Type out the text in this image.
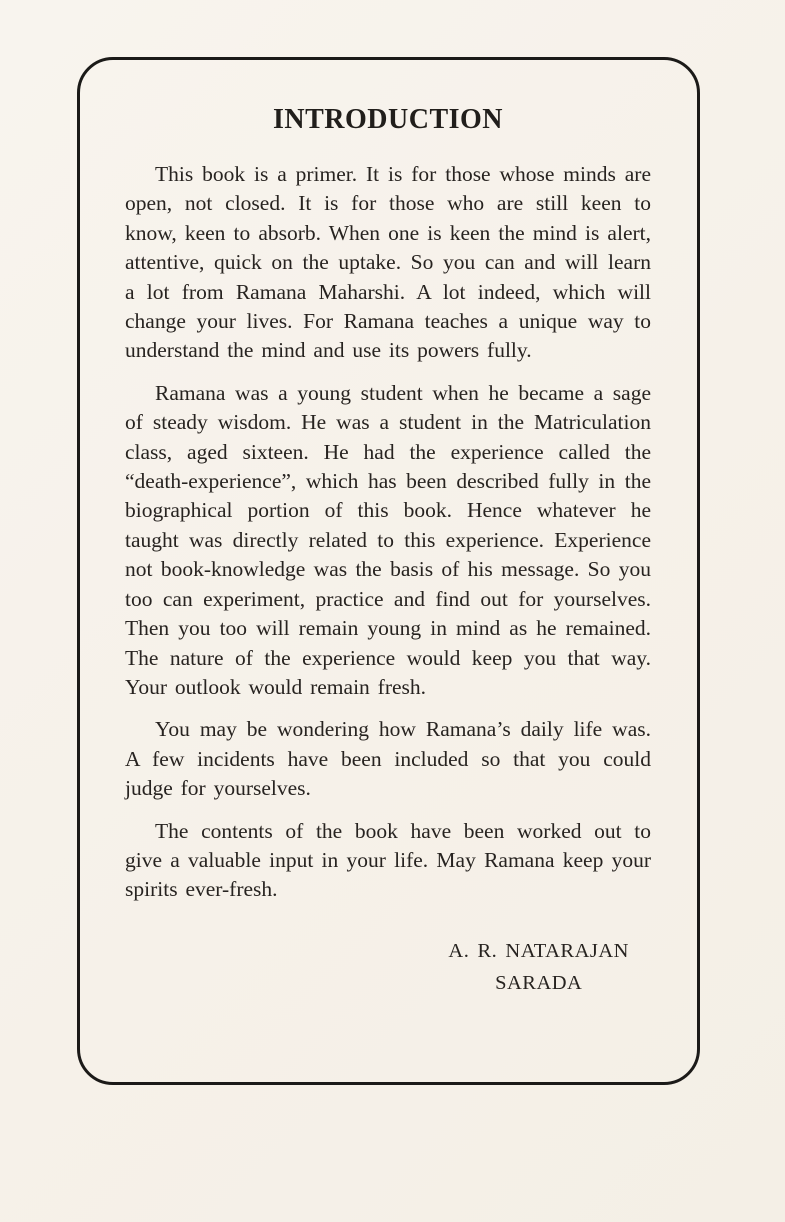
INTRODUCTION

This book is a primer. It is for those whose minds are open, not closed. It is for those who are still keen to know, keen to absorb. When one is keen the mind is alert, attentive, quick on the uptake. So you can and will learn a lot from Ramana Maharshi. A lot indeed, which will change your lives. For Ramana teaches a unique way to understand the mind and use its powers fully.

Ramana was a young student when he became a sage of steady wisdom. He was a student in the Matriculation class, aged sixteen. He had the experience called the “death-experience”, which has been described fully in the biographical portion of this book. Hence whatever he taught was directly related to this experience. Experience not book-knowledge was the basis of his message. So you too can experiment, practice and find out for yourselves. Then you too will remain young in mind as he remained. The nature of the experience would keep you that way. Your outlook would remain fresh.

You may be wondering how Ramana’s daily life was. A few incidents have been included so that you could judge for yourselves.

The contents of the book have been worked out to give a valuable input in your life. May Ramana keep your spirits ever-fresh.

A. R. NATARAJAN
SARADA
